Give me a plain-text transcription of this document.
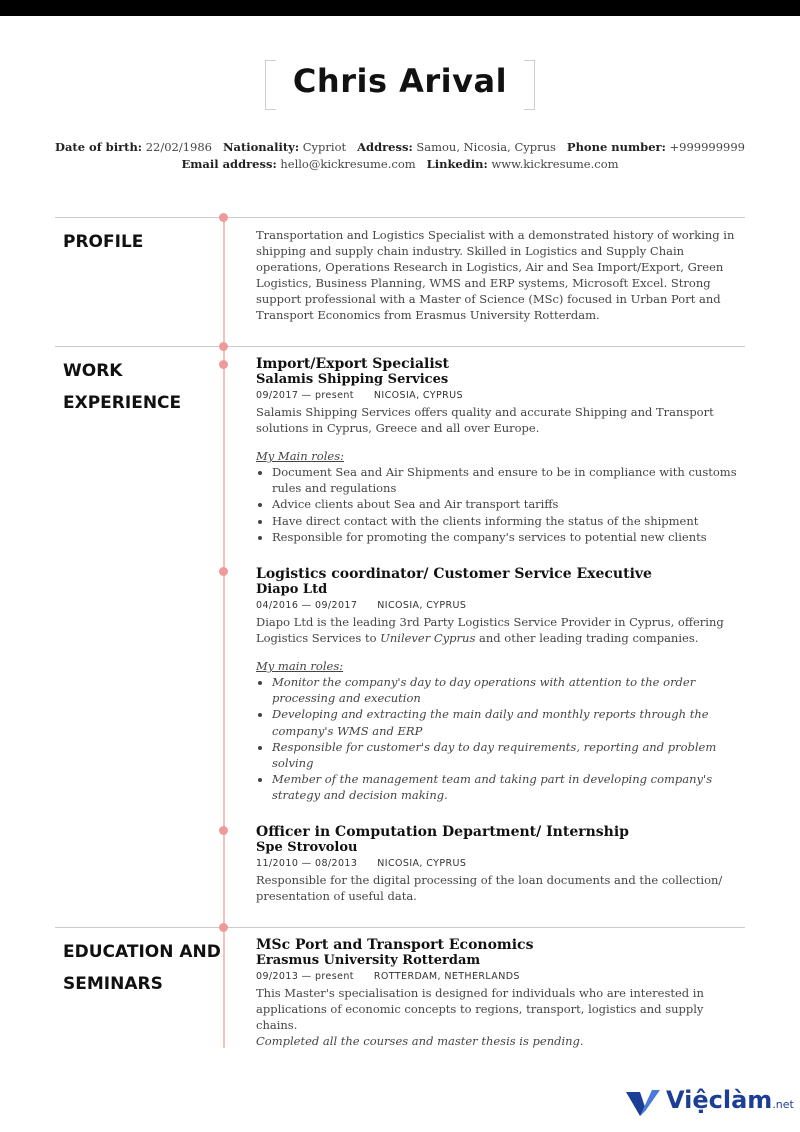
Chris Arival
Date of birth: 22/02/1986 Nationality: Cypriot Address: Samou, Nicosia, Cyprus Phone number: +999999999
Email address: hello@kickresume.com Linkedin: www.kickresume.com
PROFILE	Transportation and Logistics Specialist with a demonstrated history of working in shipping and supply chain industry. Skilled in Logistics and Supply Chain operations, Operations Research in Logistics, Air and Sea Import/Export, Green Logistics, Business Planning, WMS and ERP systems, Microsoft Excel. Strong support professional with a Master of Science (MSc) focused in Urban Port and Transport Economics from Erasmus University Rotterdam.
WORK
EXPERIENCE
Import/Export Specialist
Salamis Shipping Services
09/2017 — present NICOSIA, CYPRUS
Salamis Shipping Services offers quality and accurate Shipping and Transport solutions in Cyprus, Greece and all over Europe.
My Main roles:
• Document Sea and Air Shipments and ensure to be in compliance with customs rules and regulations
• Advice clients about Sea and Air transport tariffs
• Have direct contact with the clients informing the status of the shipment
• Responsible for promoting the company's services to potential new clients
Logistics coordinator/ Customer Service Executive
Diapo Ltd
04/2016 — 09/2017 NICOSIA, CYPRUS
Diapo Ltd is the leading 3rd Party Logistics Service Provider in Cyprus, offering Logistics Services to Unilever Cyprus and other leading trading companies.
My main roles:
• Monitor the company's day to day operations with attention to the order processing and execution
• Developing and extracting the main daily and monthly reports through the company's WMS and ERP
• Responsible for customer's day to day requirements, reporting and problem solving
• Member of the management team and taking part in developing company's strategy and decision making.
Officer in Computation Department/ Internship
Spe Strovolou
11/2010 — 08/2013 NICOSIA, CYPRUS
Responsible for the digital processing of the loan documents and the collection/ presentation of useful data.
EDUCATION AND
SEMINARS
MSc Port and Transport Economics
Erasmus University Rotterdam
09/2013 — present ROTTERDAM, NETHERLANDS
This Master's specialisation is designed for individuals who are interested in applications of economic concepts to regions, transport, logistics and supply chains.
Completed all the courses and master thesis is pending.
Việclàm.net
